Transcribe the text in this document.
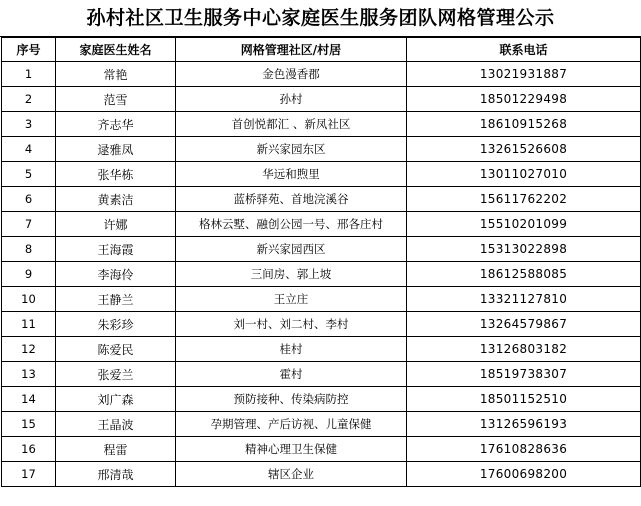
孙村社区卫生服务中心家庭医生服务团队网格管理公示
序号	家庭医生姓名	网格管理社区/村居	联系电话
1	常艳	金色漫香郡	13021931887
2	范雪	孙村	18501229498
3	齐志华	首创悦都汇 、新凤社区	18610915268
4	逯雅凤	新兴家园东区	13261526608
5	张华栋	华远和煦里	13011027010
6	黄素洁	蓝桥驿苑、首地浣溪谷	15611762202
7	许娜	格林云墅、融创公园一号、邢各庄村	15510201099
8	王海霞	新兴家园西区	15313022898
9	李海伶	三间房、郭上坡	18612588085
10	王静兰	王立庄	13321127810
11	朱彩珍	刘一村、刘二村、李村	13264579867
12	陈爱民	桂村	13126803182
13	张爱兰	霍村	18519738307
14	刘广森	预防接种、传染病防控	18501152510
15	王晶波	孕期管理、产后访视、儿童保健	13126596193
16	程雷	精神心理卫生保健	17610828636
17	邢清哉	辖区企业	17600698200
